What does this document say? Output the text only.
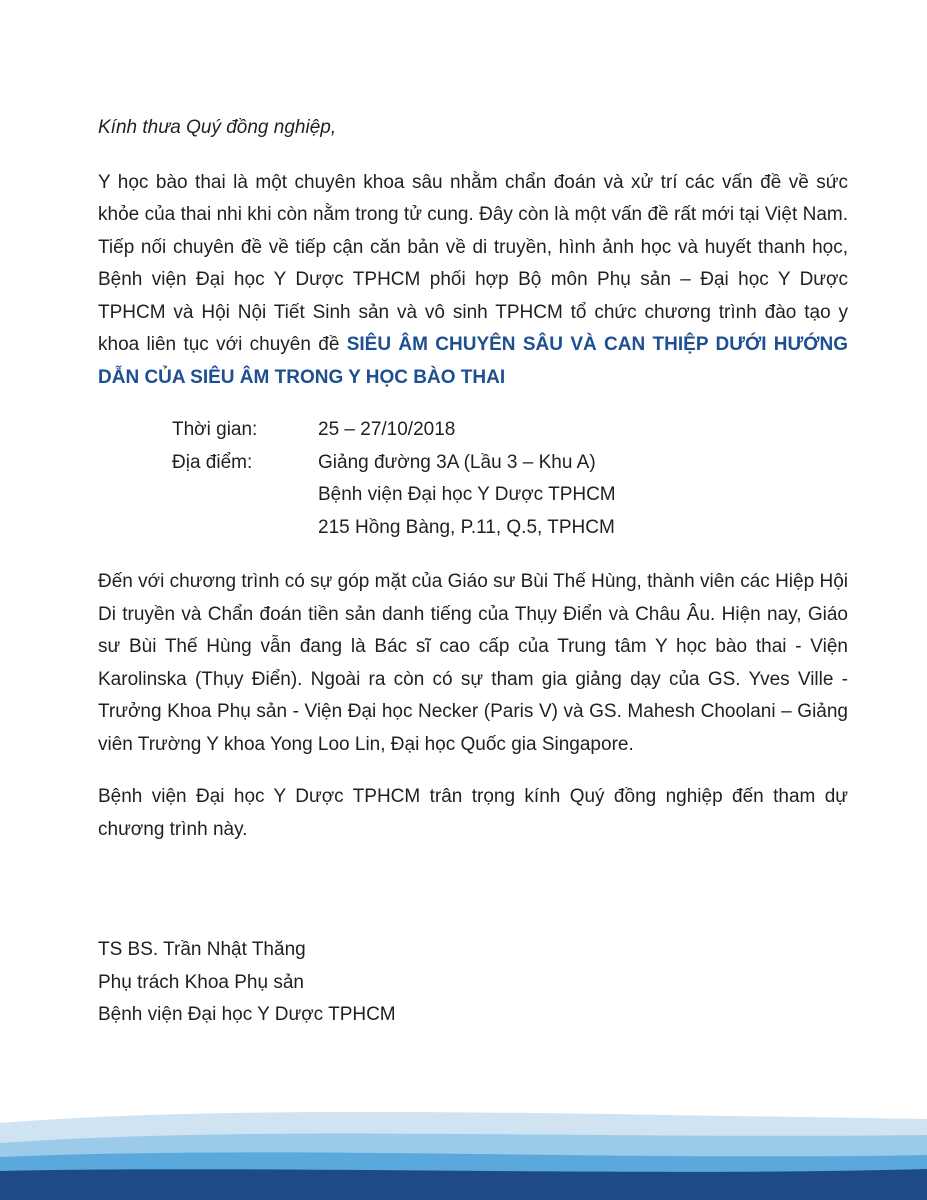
Kính thưa Quý đồng nghiệp,

Y học bào thai là một chuyên khoa sâu nhằm chẩn đoán và xử trí các vấn đề về sức khỏe của thai nhi khi còn nằm trong tử cung. Đây còn là một vấn đề rất mới tại Việt Nam. Tiếp nối chuyên đề về tiếp cận căn bản về di truyền, hình ảnh học và huyết thanh học, Bệnh viện Đại học Y Dược TPHCM phối hợp Bộ môn Phụ sản – Đại học Y Dược TPHCM và Hội Nội Tiết Sinh sản và vô sinh TPHCM tổ chức chương trình đào tạo y khoa liên tục với chuyên đề SIÊU ÂM CHUYÊN SÂU VÀ CAN THIỆP DƯỚI HƯỚNG DẪN CỦA SIÊU ÂM TRONG Y HỌC BÀO THAI

Thời gian:	25 – 27/10/2018
Địa điểm:	Giảng đường 3A (Lầu 3 – Khu A)
Bệnh viện Đại học Y Dược TPHCM
215 Hồng Bàng, P.11, Q.5, TPHCM

Đến với chương trình có sự góp mặt của Giáo sư Bùi Thế Hùng, thành viên các Hiệp Hội Di truyền và Chẩn đoán tiền sản danh tiếng của Thụy Điển và Châu Âu. Hiện nay, Giáo sư Bùi Thế Hùng vẫn đang là Bác sĩ cao cấp của Trung tâm Y học bào thai - Viện Karolinska (Thụy Điển). Ngoài ra còn có sự tham gia giảng dạy của GS. Yves Ville - Trưởng Khoa Phụ sản - Viện Đại học Necker (Paris V) và GS. Mahesh Choolani – Giảng viên Trường Y khoa Yong Loo Lin, Đại học Quốc gia Singapore.

Bệnh viện Đại học Y Dược TPHCM trân trọng kính Quý đồng nghiệp đến tham dự chương trình này.

TS BS. Trần Nhật Thăng
Phụ trách Khoa Phụ sản
Bệnh viện Đại học Y Dược TPHCM
